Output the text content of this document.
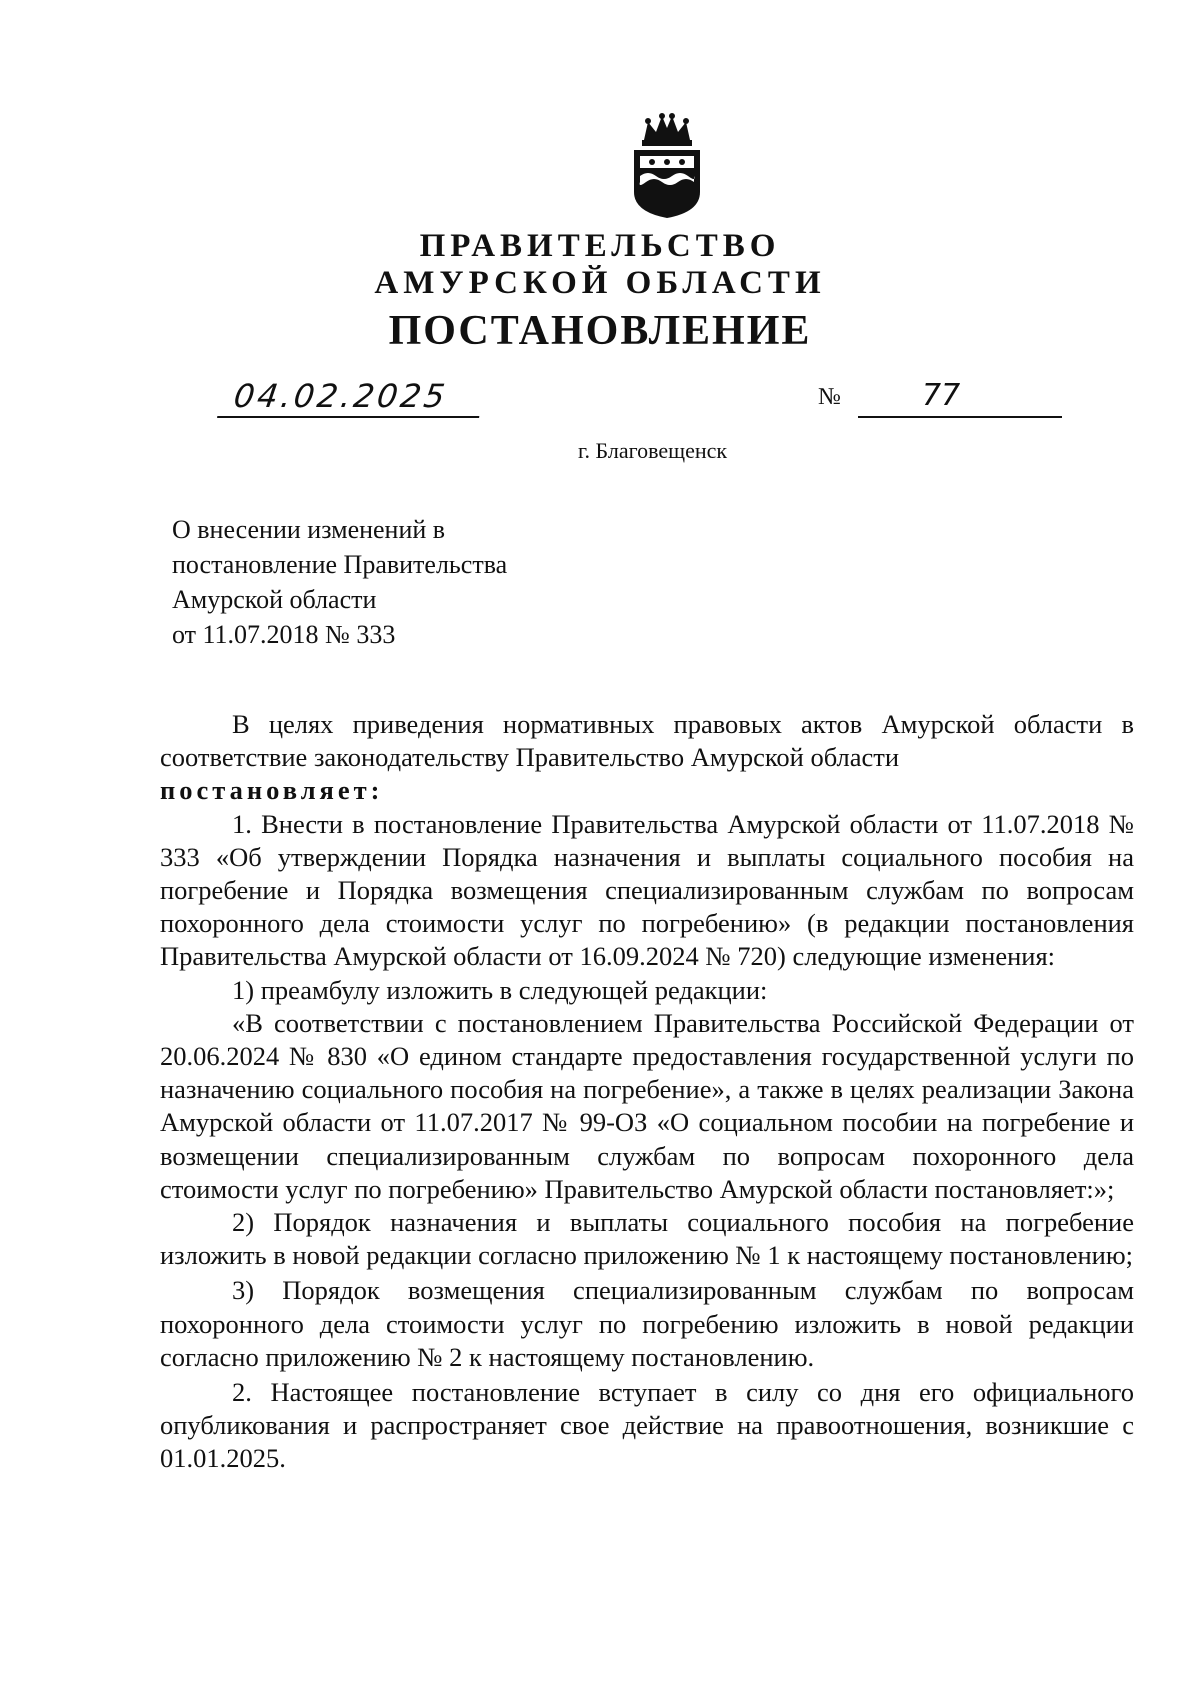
ПРАВИТЕЛЬСТВО
АМУРСКОЙ ОБЛАСТИ
ПОСТАНОВЛЕНИЕ
04.02.2025	№	77
г. Благовещенск
О внесении изменений в
постановление Правительства
Амурской области
от 11.07.2018 № 333

В целях приведения нормативных правовых актов Амурской области в соответствие законодательству Правительство Амурской области

постановляет:

1. Внести в постановление Правительства Амурской области от 11.07.2018 № 333 «Об утверждении Порядка назначения и выплаты социального пособия на погребение и Порядка возмещения специализированным службам по вопросам похоронного дела стоимости услуг по погребению» (в редакции постановления Правительства Амурской области от 16.09.2024 № 720) следующие изменения:

1) преамбулу изложить в следующей редакции:

«В соответствии с постановлением Правительства Российской Федерации от 20.06.2024 № 830 «О едином стандарте предоставления государственной услуги по назначению социального пособия на погребение», а также в целях реализации Закона Амурской области от 11.07.2017 № 99-ОЗ «О социальном пособии на погребение и возмещении специализированным службам по вопросам похоронного дела стоимости услуг по погребению» Правительство Амурской области постановляет:»;

2) Порядок назначения и выплаты социального пособия на погребение изложить в новой редакции согласно приложению № 1 к настоящему постановлению;

3) Порядок возмещения специализированным службам по вопросам похоронного дела стоимости услуг по погребению изложить в новой редакции согласно приложению № 2 к настоящему постановлению.

2. Настоящее постановление вступает в силу со дня его официального опубликования и распространяет свое действие на правоотношения, возникшие с 01.01.2025.
